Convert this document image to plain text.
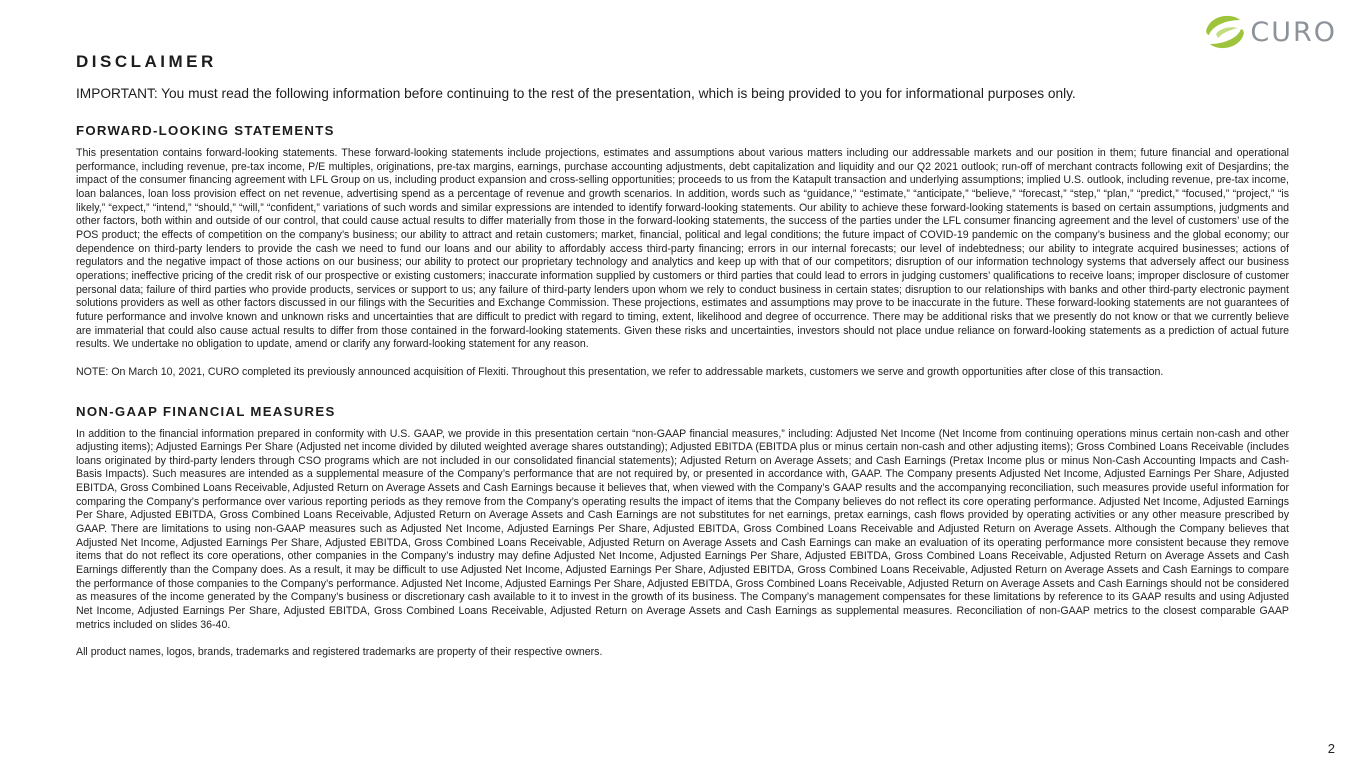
CURO
DISCLAIMER

IMPORTANT: You must read the following information before continuing to the rest of the presentation, which is being provided to you for informational purposes only.

FORWARD-LOOKING STATEMENTS

This presentation contains forward-looking statements. These forward-looking statements include projections, estimates and assumptions about various matters including our addressable markets and our position in them; future financial and operational performance, including revenue, pre-tax income, P/E multiples, originations, pre-tax margins, earnings, purchase accounting adjustments, debt capitalization and liquidity and our Q2 2021 outlook; run-off of merchant contracts following exit of Desjardins; the impact of the consumer financing agreement with LFL Group on us, including product expansion and cross-selling opportunities; proceeds to us from the Katapult transaction and underlying assumptions; implied U.S. outlook, including revenue, pre-tax income, loan balances, loan loss provision effect on net revenue, advertising spend as a percentage of revenue and growth scenarios. In addition, words such as “guidance,” “estimate,” “anticipate,” “believe,” “forecast,” “step,” “plan,” “predict,” “focused,” “project,” “is likely,” “expect,” “intend,” “should,” “will,” “confident,” variations of such words and similar expressions are intended to identify forward-looking statements. Our ability to achieve these forward-looking statements is based on certain assumptions, judgments and other factors, both within and outside of our control, that could cause actual results to differ materially from those in the forward-looking statements, the success of the parties under the LFL consumer financing agreement and the level of customers’ use of the POS product; the effects of competition on the company’s business; our ability to attract and retain customers; market, financial, political and legal conditions; the future impact of COVID-19 pandemic on the company’s business and the global economy; our dependence on third-party lenders to provide the cash we need to fund our loans and our ability to affordably access third-party financing; errors in our internal forecasts; our level of indebtedness; our ability to integrate acquired businesses; actions of regulators and the negative impact of those actions on our business; our ability to protect our proprietary technology and analytics and keep up with that of our competitors; disruption of our information technology systems that adversely affect our business operations; ineffective pricing of the credit risk of our prospective or existing customers; inaccurate information supplied by customers or third parties that could lead to errors in judging customers’ qualifications to receive loans; improper disclosure of customer personal data; failure of third parties who provide products, services or support to us; any failure of third-party lenders upon whom we rely to conduct business in certain states; disruption to our relationships with banks and other third-party electronic payment solutions providers as well as other factors discussed in our filings with the Securities and Exchange Commission. These projections, estimates and assumptions may prove to be inaccurate in the future. These forward-looking statements are not guarantees of future performance and involve known and unknown risks and uncertainties that are difficult to predict with regard to timing, extent, likelihood and degree of occurrence. There may be additional risks that we presently do not know or that we currently believe are immaterial that could also cause actual results to differ from those contained in the forward-looking statements. Given these risks and uncertainties, investors should not place undue reliance on forward-looking statements as a prediction of actual future results. We undertake no obligation to update, amend or clarify any forward-looking statement for any reason.

NOTE: On March 10, 2021, CURO completed its previously announced acquisition of Flexiti. Throughout this presentation, we refer to addressable markets, customers we serve and growth opportunities after close of this transaction.

NON-GAAP FINANCIAL MEASURES

In addition to the financial information prepared in conformity with U.S. GAAP, we provide in this presentation certain “non-GAAP financial measures,” including: Adjusted Net Income (Net Income from continuing operations minus certain non-cash and other adjusting items); Adjusted Earnings Per Share (Adjusted net income divided by diluted weighted average shares outstanding); Adjusted EBITDA (EBITDA plus or minus certain non-cash and other adjusting items); Gross Combined Loans Receivable (includes loans originated by third-party lenders through CSO programs which are not included in our consolidated financial statements); Adjusted Return on Average Assets; and Cash Earnings (Pretax Income plus or minus Non-Cash Accounting Impacts and Cash-Basis Impacts). Such measures are intended as a supplemental measure of the Company’s performance that are not required by, or presented in accordance with, GAAP. The Company presents Adjusted Net Income, Adjusted Earnings Per Share, Adjusted EBITDA, Gross Combined Loans Receivable, Adjusted Return on Average Assets and Cash Earnings because it believes that, when viewed with the Company’s GAAP results and the accompanying reconciliation, such measures provide useful information for comparing the Company’s performance over various reporting periods as they remove from the Company’s operating results the impact of items that the Company believes do not reflect its core operating performance. Adjusted Net Income, Adjusted Earnings Per Share, Adjusted EBITDA, Gross Combined Loans Receivable, Adjusted Return on Average Assets and Cash Earnings are not substitutes for net earnings, pretax earnings, cash flows provided by operating activities or any other measure prescribed by GAAP. There are limitations to using non-GAAP measures such as Adjusted Net Income, Adjusted Earnings Per Share, Adjusted EBITDA, Gross Combined Loans Receivable and Adjusted Return on Average Assets. Although the Company believes that Adjusted Net Income, Adjusted Earnings Per Share, Adjusted EBITDA, Gross Combined Loans Receivable, Adjusted Return on Average Assets and Cash Earnings can make an evaluation of its operating performance more consistent because they remove items that do not reflect its core operations, other companies in the Company’s industry may define Adjusted Net Income, Adjusted Earnings Per Share, Adjusted EBITDA, Gross Combined Loans Receivable, Adjusted Return on Average Assets and Cash Earnings differently than the Company does. As a result, it may be difficult to use Adjusted Net Income, Adjusted Earnings Per Share, Adjusted EBITDA, Gross Combined Loans Receivable, Adjusted Return on Average Assets and Cash Earnings to compare the performance of those companies to the Company’s performance. Adjusted Net Income, Adjusted Earnings Per Share, Adjusted EBITDA, Gross Combined Loans Receivable, Adjusted Return on Average Assets and Cash Earnings should not be considered as measures of the income generated by the Company’s business or discretionary cash available to it to invest in the growth of its business. The Company’s management compensates for these limitations by reference to its GAAP results and using Adjusted Net Income, Adjusted Earnings Per Share, Adjusted EBITDA, Gross Combined Loans Receivable, Adjusted Return on Average Assets and Cash Earnings as supplemental measures. Reconciliation of non-GAAP metrics to the closest comparable GAAP metrics included on slides 36-40.

All product names, logos, brands, trademarks and registered trademarks are property of their respective owners.

2
